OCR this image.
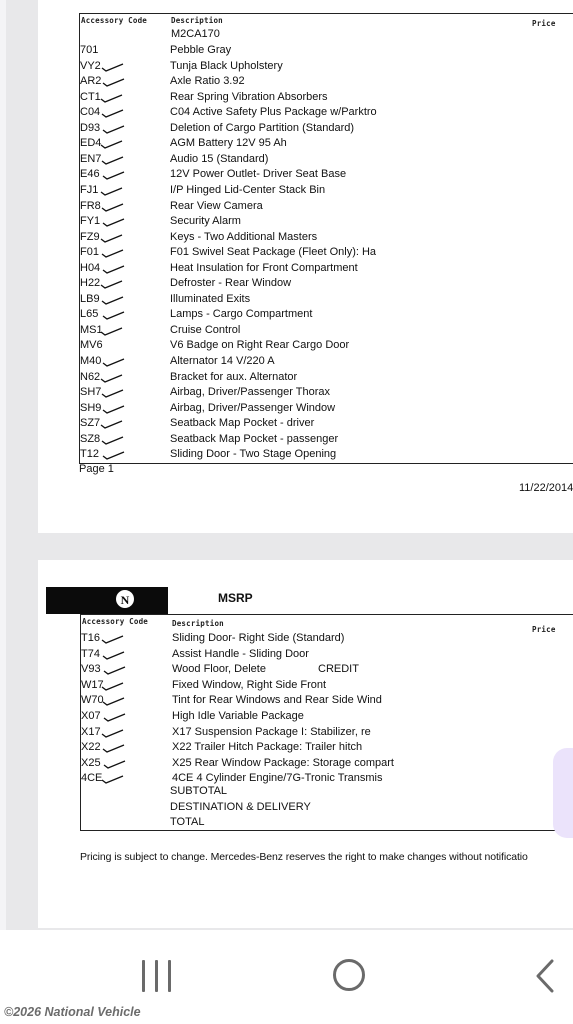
Accessory Code	Description	Price
M2CA170
701	Pebble Gray
VY2	Tunja Black Upholstery
AR2	Axle Ratio 3.92
CT1	Rear Spring Vibration Absorbers
C04	C04 Active Safety Plus Package w/Parktro
D93	Deletion of Cargo Partition (Standard)
ED4	AGM Battery 12V 95 Ah
EN7	Audio 15 (Standard)
E46	12V Power Outlet- Driver Seat Base
FJ1	I/P Hinged Lid-Center Stack Bin
FR8	Rear View Camera
FY1	Security Alarm
FZ9	Keys - Two Additional Masters
F01	F01 Swivel Seat Package (Fleet Only): Ha
H04	Heat Insulation for Front Compartment
H22	Defroster - Rear Window
LB9	Illuminated Exits
L65	Lamps - Cargo Compartment
MS1	Cruise Control
MV6	V6 Badge on Right Rear Cargo Door
M40	Alternator 14 V/220 A
N62	Bracket for aux. Alternator
SH7	Airbag, Driver/Passenger Thorax
SH9	Airbag, Driver/Passenger Window
SZ7	Seatback Map Pocket - driver
SZ8	Seatback Map Pocket - passenger
T12	Sliding Door - Two Stage Opening
Page 1
11/22/2014
N	MSRP
Accessory Code	Description
Price
T16	Sliding Door- Right Side (Standard)
T74	Assist Handle - Sliding Door
V93	Wood Floor, Delete	CREDIT
W17	Fixed Window, Right Side Front
W70	Tint for Rear Windows and Rear Side Wind
X07	High Idle Variable Package
X17	X17 Suspension Package I: Stabilizer, re
X22	X22 Trailer Hitch Package: Trailer hitch
X25	X25 Rear Window Package: Storage compart
4CE	4CE 4 Cylinder Engine/7G-Tronic Transmis
SUBTOTAL
DESTINATION & DELIVERY
TOTAL
Pricing is subject to change. Mercedes-Benz reserves the right to make changes without notificatio
©2026 National Vehicle
